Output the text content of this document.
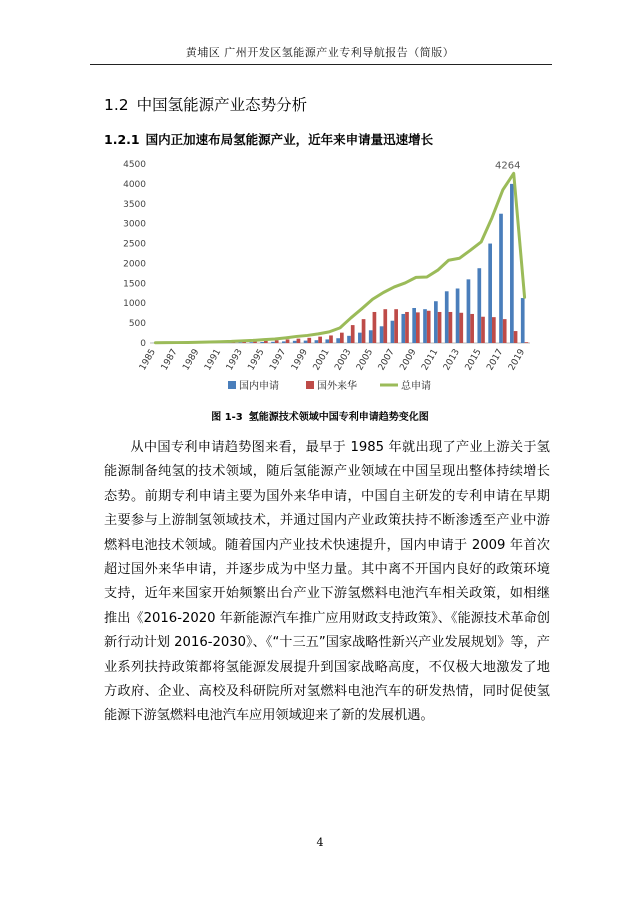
黄埔区 广州开发区氢能源产业专利导航报告（简版）
1.2 中国氢能源产业态势分析
1.2.1 国内正加速布局氢能源产业，近年来申请量迅速增长
0
500
1000
1500
2000
2500
3000
3500
4000
4500
1985 1987 1989 1991 1993 1995 1997 1999 2001 2003 2005 2007 2009 2011 2013 2015 2017 2019
4264
国内申请	国外来华	总申请
图 1-3 氢能源技术领域中国专利申请趋势变化图

从中国专利申请趋势图来看，最早于 1985 年就出现了产业上游关于氢能源制备纯氢的技术领域，随后氢能源产业领域在中国呈现出整体持续增长态势。前期专利申请主要为国外来华申请，中国自主研发的专利申请在早期主要参与上游制氢领域技术，并通过国内产业政策扶持不断渗透至产业中游燃料电池技术领域。随着国内产业技术快速提升，国内申请于 2009 年首次超过国外来华申请，并逐步成为中坚力量。其中离不开国内良好的政策环境支持，近年来国家开始频繁出台产业下游氢燃料电池汽车相关政策，如相继推出《2016-2020 年新能源汽车推广应用财政支持政策》、《能源技术革命创新行动计划 2016-2030》、《“十三五”国家战略性新兴产业发展规划》等，产业系列扶持政策都将氢能源发展提升到国家战略高度，不仅极大地激发了地方政府、企业、高校及科研院所对氢燃料电池汽车的研发热情，同时促使氢能源下游氢燃料电池汽车应用领域迎来了新的发展机遇。

4
